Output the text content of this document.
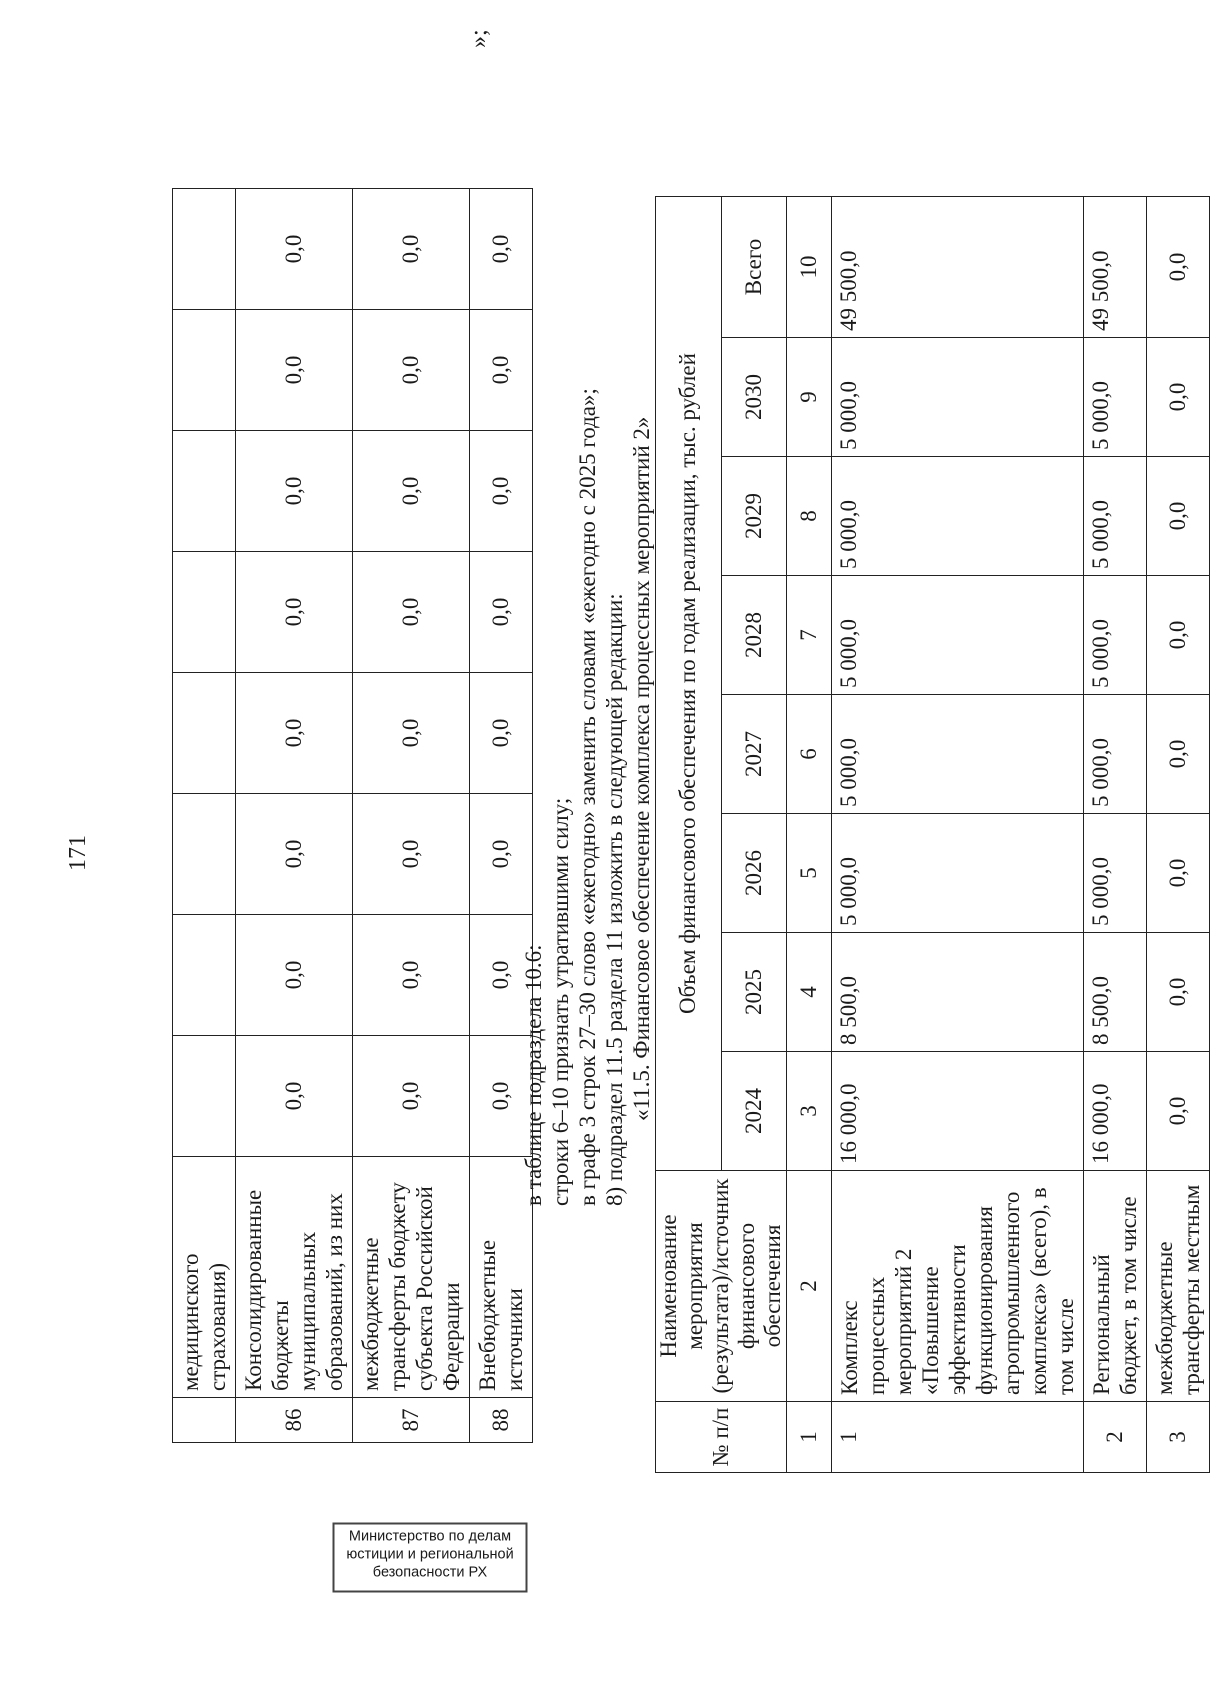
171
	медицинского страхования)								
86	Консолидированные бюджеты муниципальных образований, из них	0,0	0,0	0,0	0,0	0,0	0,0	0,0	0,0
87	межбюджетные трансферты бюджету субъекта Российской Федерации	0,0	0,0	0,0	0,0	0,0	0,0	0,0	0,0
88	Внебюджетные источники	0,0	0,0	0,0	0,0	0,0	0,0	0,0	0,0
»;
в таблице подраздела 10.6: строки 6–10 признать утратившими силу; в графе 3 строк 27–30 слово «ежегодно» заменить словами «ежегодно с 2025 года»; 8) подраздел 11.5 раздела 11 изложить в следующей редакции: «11.5. Финансовое обеспечение комплекса процессных мероприятий 2»
№ п/п	Наименование мероприятия (результата)/источник финансового обеспечения	Объем финансового обеспечения по годам реализации, тыс. рублей							
		2024	2025	2026	2027	2028	2029	2030	Всего
1	2	3	4	5	6	7	8	9	10
1	Комплекс процессных мероприятий 2 «Повышение эффективности функционирования агропромышленного комплекса» (всего), в том числе	16 000,0	8 500,0	5 000,0	5 000,0	5 000,0	5 000,0	5 000,0	49 500,0
2	Региональный бюджет, в том числе	16 000,0	8 500,0	5 000,0	5 000,0	5 000,0	5 000,0	5 000,0	49 500,0
3	межбюджетные трансферты местным	0,0	0,0	0,0	0,0	0,0	0,0	0,0	0,0
Министерство по делам
юстиции и региональной
безопасности РХ
